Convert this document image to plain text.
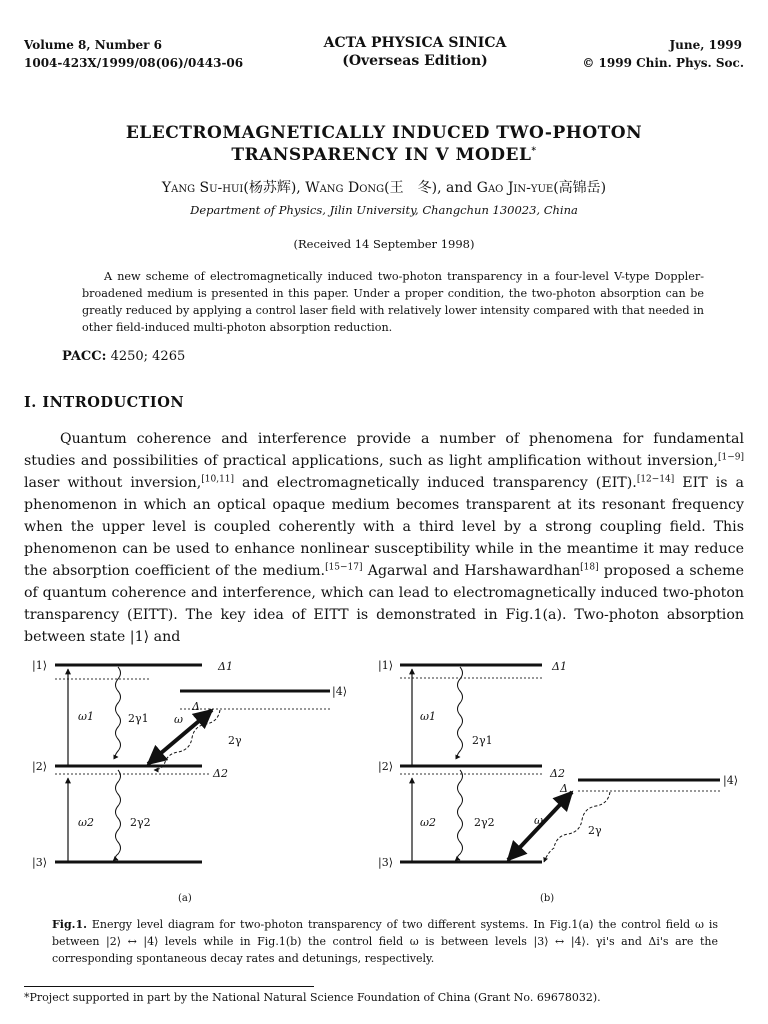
Volume 8, Number 6
1004-423X/1999/08(06)/0443-06
ACTA PHYSICA SINICA
(Overseas Edition)
June, 1999
© 1999 Chin. Phys. Soc.
ELECTROMAGNETICALLY INDUCED TWO-PHOTON
TRANSPARENCY IN V MODEL*
Yang Su-hui(杨苏辉), Wang Dong(王　冬), and Gao Jin-yue(高锦岳)
Department of Physics, Jilin University, Changchun 130023, China
(Received 14 September 1998)
A new scheme of electromagnetically induced two-photon transparency in a four-level V-type Doppler-broadened medium is presented in this paper. Under a proper condition, the two-photon absorption can be greatly reduced by applying a control laser field with relatively lower intensity compared with that needed in other field-induced multi-photon absorption reduction.
PACC: 4250; 4265
I. INTRODUCTION
Quantum coherence and interference provide a number of phenomena for fundamental studies and possibilities of practical applications, such as light amplification without inversion,[1−9] laser without inversion,[10,11] and electromagnetically induced transparency (EIT).[12−14] EIT is a phenomenon in which an optical opaque medium becomes transparent at its resonant frequency when the upper level is coupled coherently with a third level by a strong coupling field. This phenomenon can be used to enhance nonlinear susceptibility while in the meantime it may reduce the absorption coefficient of the medium.[15−17] Agarwal and Harshawardhan[18] proposed a scheme of quantum coherence and interference, which can lead to electromagnetically induced two-photon transparency (EITT). The key idea of EITT is demonstrated in Fig.1(a). Two-photon absorption between state |1⟩ and
|1⟩
|2⟩
|3⟩
|4⟩
Δ1
Δ2
Δ
ω1
ω2
ω
2γ1
2γ2
2γ
(a)
|1⟩
|2⟩
|3⟩
|4⟩
Δ1
Δ2
Δ
ω1
ω2	ω
2γ1
2γ2
2γ
(b)
Fig.1. Energy level diagram for two-photon transparency of two different systems. In Fig.1(a) the control field ω is between |2⟩ ↔ |4⟩ levels while in Fig.1(b) the control field ω is between levels |3⟩ ↔ |4⟩. γi's and Δi's are the corresponding spontaneous decay rates and detunings, respectively.
*Project supported in part by the National Natural Science Foundation of China (Grant No. 69678032).
